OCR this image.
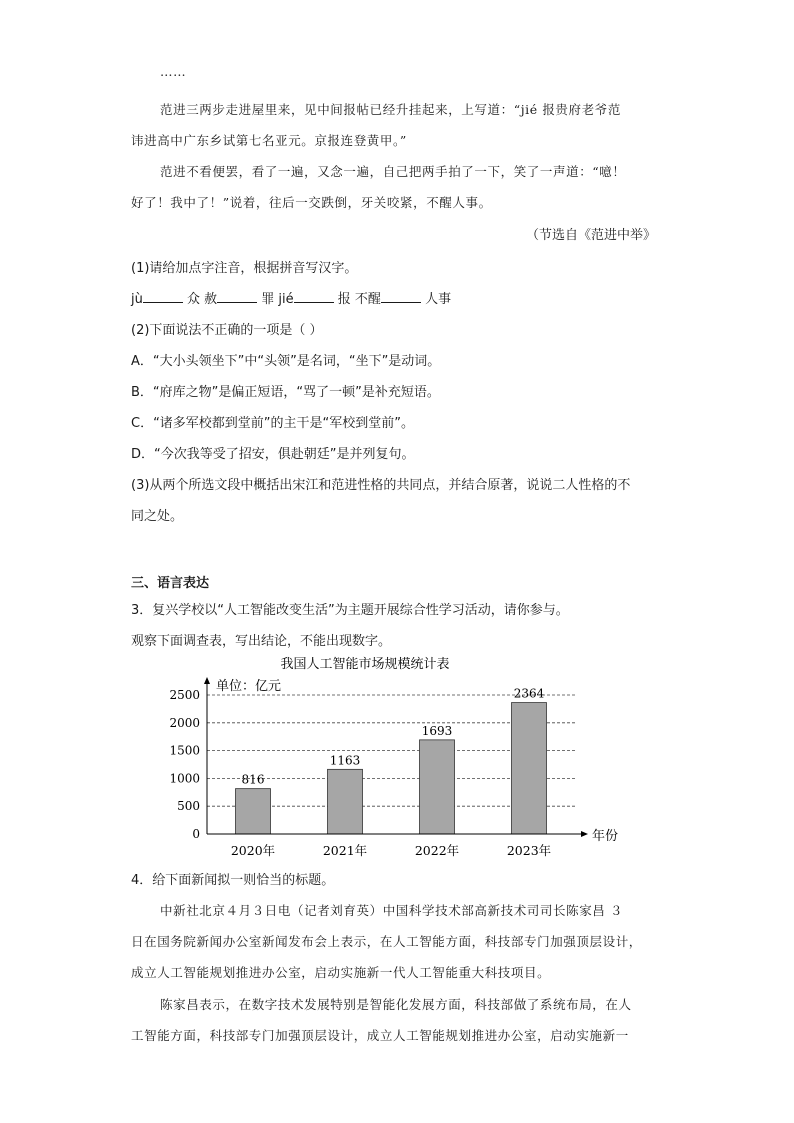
……
范进三两步走进屋里来，见中间报帖已经升挂起来，上写道：“jié 报贵府老爷范
讳进高中广东乡试第七名亚元。京报连登黄甲。”
范进不看便罢，看了一遍，又念一遍，自己把两手拍了一下，笑了一声道：“噫！
好了！我中了！”说着，往后一交跌倒，牙关咬紧，不醒人事。
（节选自《范进中举》
(1)请给加点字注音，根据拼音写汉字。
jù	众 赦	罪 jié	报 不醒	人事
(2)下面说法不正确的一项是（ ）
A．“大小头领坐下”中“头领”是名词，“坐下”是动词。
B．“府库之物”是偏正短语，“骂了一顿”是补充短语。
C．“诸多军校都到堂前”的主干是“军校到堂前”。
D．“今次我等受了招安，俱赴朝廷”是并列复句。
(3)从两个所选文段中概括出宋江和范进性格的共同点，并结合原著，说说二人性格的不
同之处。
三、语言表达
3．复兴学校以“人工智能改变生活”为主题开展综合性学习活动，请你参与。
观察下面调查表，写出结论，不能出现数字。
我国人工智能市场规模统计表
0
500
1000
1500
2000
2500
816
1163
1693
2364
2020年	2021年	2022年	2023年
单位：亿元
年份
4．给下面新闻拟一则恰当的标题。
中新社北京４月３日电（记者刘育英）中国科学技术部高新技术司司长陈家昌 ３
日在国务院新闻办公室新闻发布会上表示，在人工智能方面，科技部专门加强顶层设计，
成立人工智能规划推进办公室，启动实施新一代人工智能重大科技项目。
陈家昌表示，在数字技术发展特别是智能化发展方面，科技部做了系统布局，在人
工智能方面，科技部专门加强顶层设计，成立人工智能规划推进办公室，启动实施新一
